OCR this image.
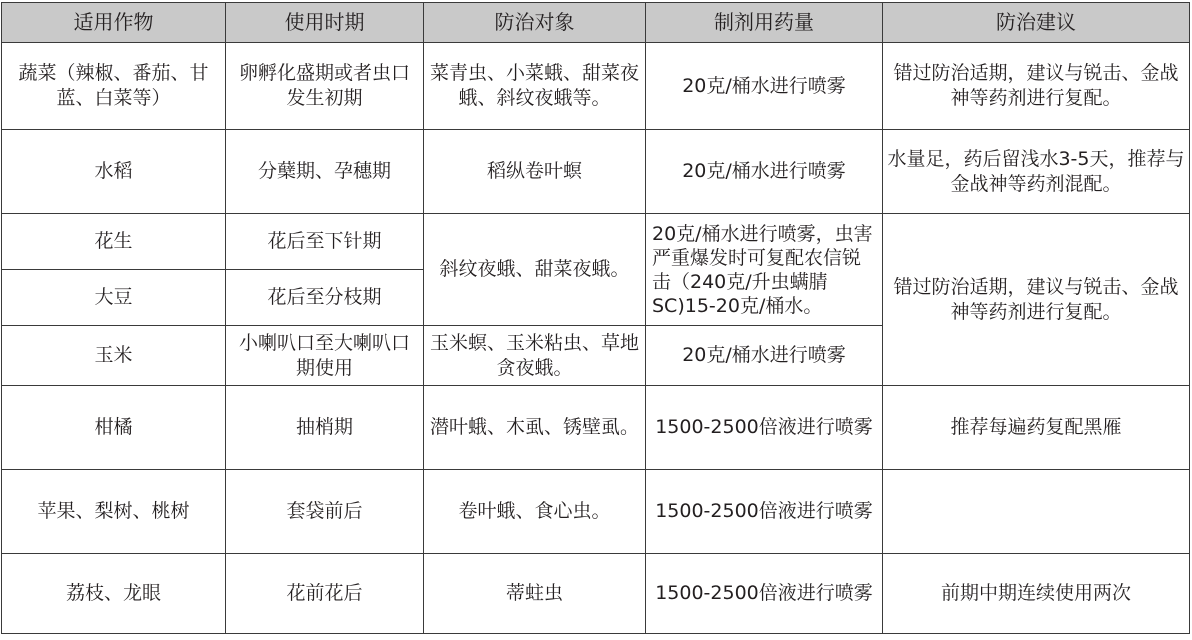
适用作物	使用时期	防治对象	制剂用药量	防治建议
蔬菜（辣椒、番茄、甘蓝、白菜等）	卵孵化盛期或者虫口发生初期	菜青虫、小菜蛾、甜菜夜蛾、斜纹夜蛾等。	20克/桶水进行喷雾	错过防治适期，建议与锐击、金战神等药剂进行复配。
水稻	分蘖期、孕穗期	稻纵卷叶螟	20克/桶水进行喷雾	水量足，药后留浅水3-5天，推荐与金战神等药剂混配。
花生	花后至下针期	斜纹夜蛾、甜菜夜蛾。	20克/桶水进行喷雾，虫害严重爆发时可复配农信锐击（240克/升虫螨腈SC)15-20克/桶水。	错过防治适期，建议与锐击、金战神等药剂进行复配。
大豆	花后至分枝期			
玉米	小喇叭口至大喇叭口期使用	玉米螟、玉米粘虫、草地贪夜蛾。	20克/桶水进行喷雾	
柑橘	抽梢期	潜叶蛾、木虱、锈壁虱。	1500-2500倍液进行喷雾	推荐每遍药复配黑雁
苹果、梨树、桃树	套袋前后	卷叶蛾、食心虫。	1500-2500倍液进行喷雾	
荔枝、龙眼	花前花后	蒂蛀虫	1500-2500倍液进行喷雾	前期中期连续使用两次
